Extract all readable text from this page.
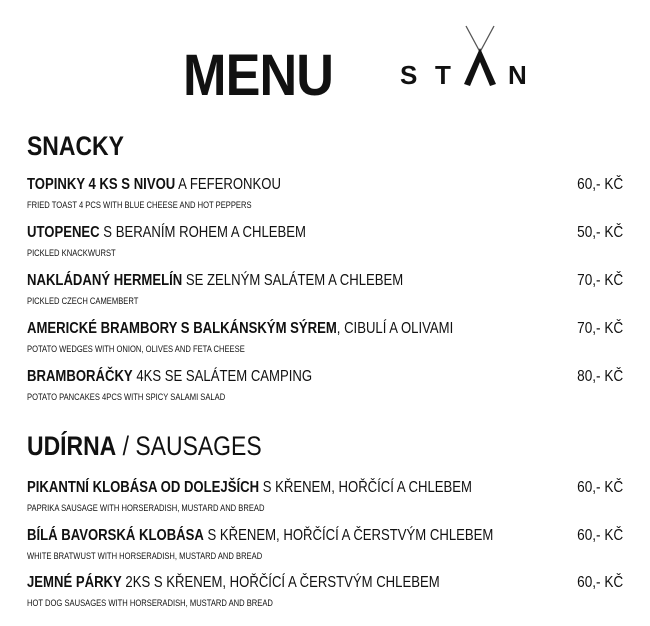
MENU	S T N
SNACKY
TOPINKY 4 KS S NIVOU A FEFERONKOU	60,- KČ
FRIED TOAST 4 PCS WITH BLUE CHEESE AND HOT PEPPERS
UTOPENEC S BERANÍM ROHEM A CHLEBEM	50,- KČ
PICKLED KNACKWURST
NAKLÁDANÝ HERMELÍN SE ZELNÝM SALÁTEM A CHLEBEM	70,- KČ
PICKLED CZECH CAMEMBERT
AMERICKÉ BRAMBORY S BALKÁNSKÝM SÝREM, CIBULÍ A OLIVAMI	70,- KČ
POTATO WEDGES WITH ONION, OLIVES AND FETA CHEESE
BRAMBORÁČKY 4KS SE SALÁTEM CAMPING	80,- KČ
POTATO PANCAKES 4PCS WITH SPICY SALAMI SALAD
UDÍRNA / SAUSAGES
PIKANTNÍ KLOBÁSA OD DOLEJŠÍCH S KŘENEM, HOŘČÍCÍ A CHLEBEM	60,- KČ
PAPRIKA SAUSAGE WITH HORSERADISH, MUSTARD AND BREAD
BÍLÁ BAVORSKÁ KLOBÁSA S KŘENEM, HOŘČÍCÍ A ČERSTVÝM CHLEBEM	60,- KČ
WHITE BRATWUST WITH HORSERADISH, MUSTARD AND BREAD
JEMNÉ PÁRKY 2KS S KŘENEM, HOŘČÍCÍ A ČERSTVÝM CHLEBEM	60,- KČ
HOT DOG SAUSAGES WITH HORSERADISH, MUSTARD AND BREAD
